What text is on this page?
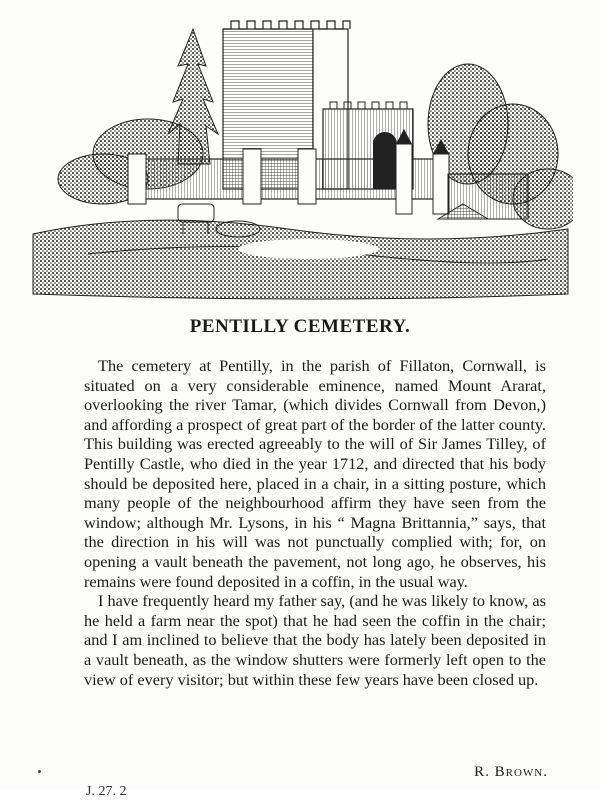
PENTILLY CEMETERY.

The cemetery at Pentilly, in the parish of Fillaton, Cornwall, is situated on a very considerable eminence, named Mount Ararat, overlooking the river Tamar, (which divides Cornwall from Devon,) and affording a prospect of great part of the border of the latter county. This building was erected agreeably to the will of Sir James Tilley, of Pentilly Castle, who died in the year 1712, and directed that his body should be deposited here, placed in a chair, in a sitting posture, which many people of the neighbourhood affirm they have seen from the window; although Mr. Lysons, in his “ Magna Brittannia,” says, that the direction in his will was not punctually complied with; for, on opening a vault beneath the pavement, not long ago, he observes, his remains were found deposited in a coffin, in the usual way.

I have frequently heard my father say, (and he was likely to know, as he held a farm near the spot) that he had seen the coffin in the chair; and I am inclined to believe that the body has lately been deposited in a vault beneath, as the window shutters were formerly left open to the view of every visitor; but within these few years have been closed up.

R. Brown.
J. 27. 2
